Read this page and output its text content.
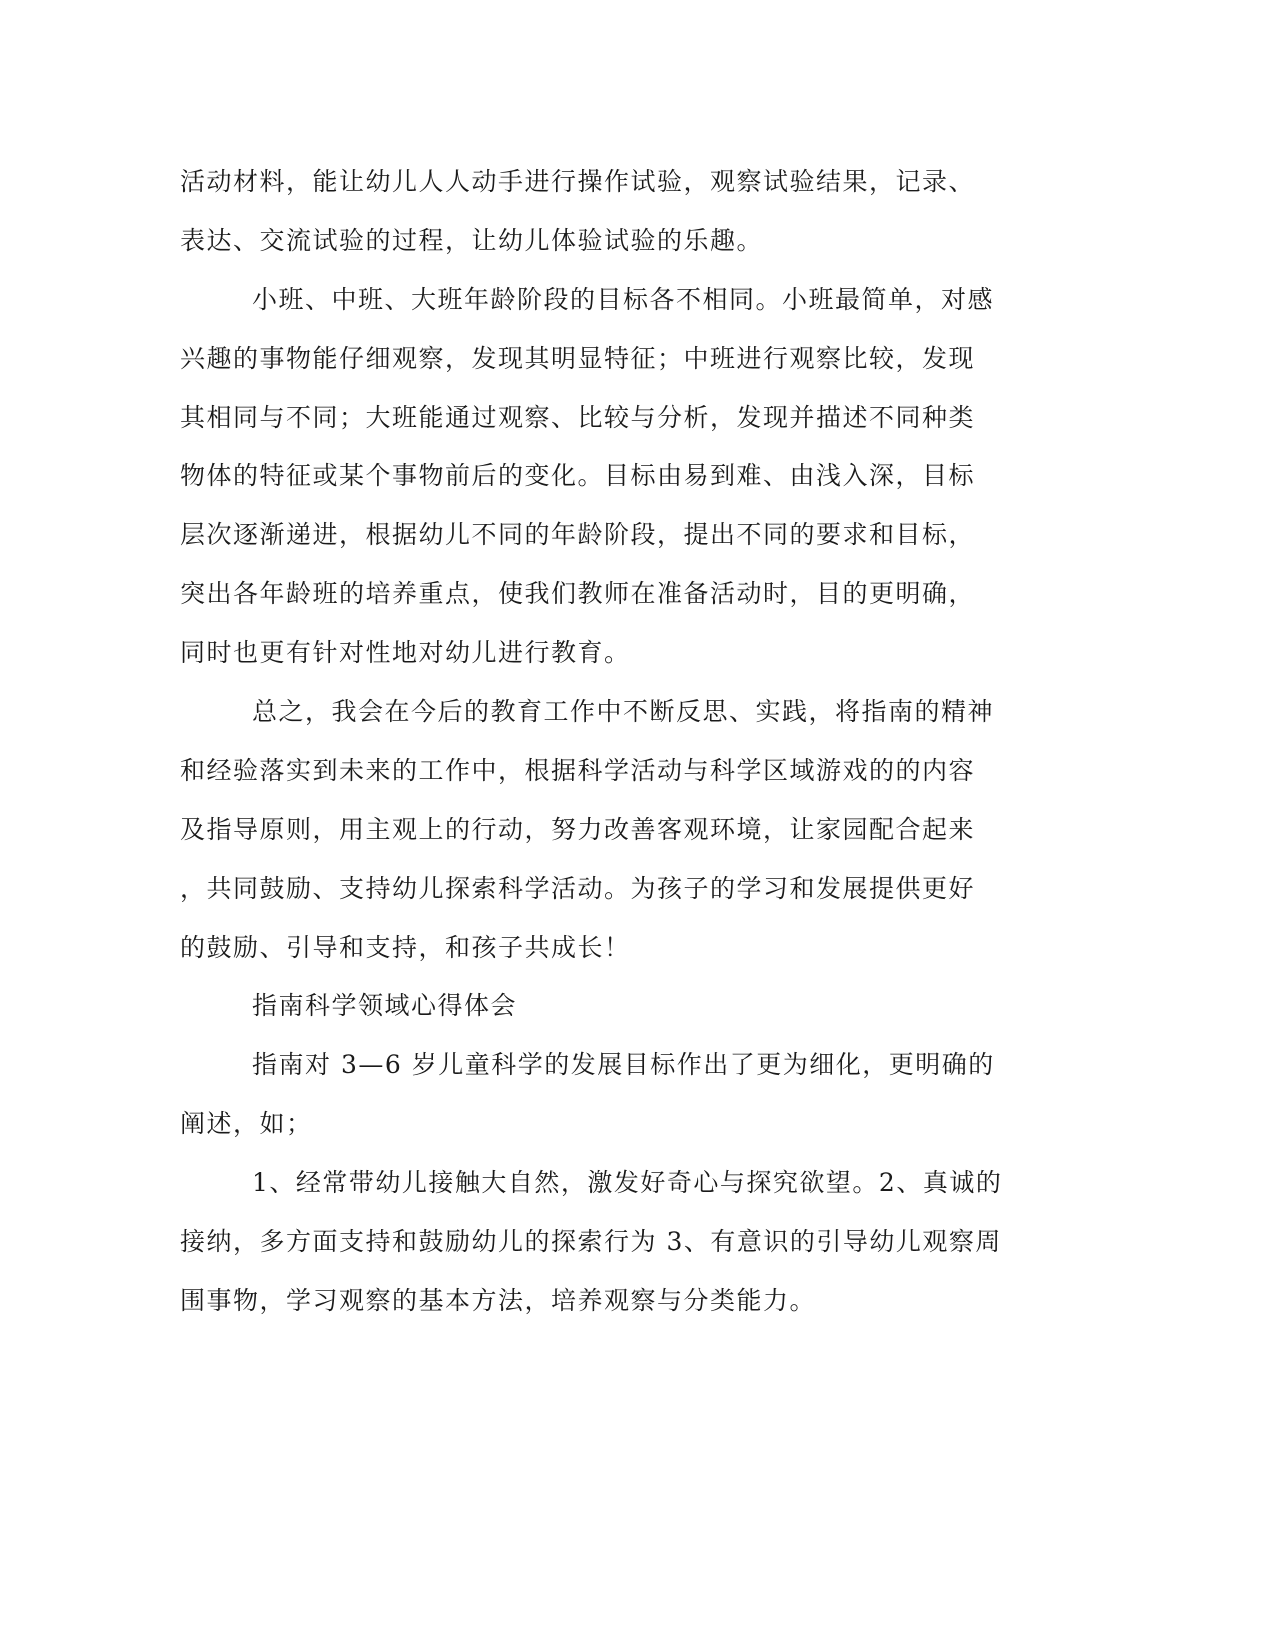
活动材料，能让幼儿人人动手进行操作试验，观察试验结果，记录、
表达、交流试验的过程，让幼儿体验试验的乐趣。
小班、中班、大班年龄阶段的目标各不相同。小班最简单，对感
兴趣的事物能仔细观察，发现其明显特征；中班进行观察比较，发现
其相同与不同；大班能通过观察、比较与分析，发现并描述不同种类
物体的特征或某个事物前后的变化。目标由易到难、由浅入深，目标
层次逐渐递进，根据幼儿不同的年龄阶段，提出不同的要求和目标，
突出各年龄班的培养重点，使我们教师在准备活动时，目的更明确，
同时也更有针对性地对幼儿进行教育。
总之，我会在今后的教育工作中不断反思、实践，将指南的精神
和经验落实到未来的工作中，根据科学活动与科学区域游戏的的内容
及指导原则，用主观上的行动，努力改善客观环境，让家园配合起来
，共同鼓励、支持幼儿探索科学活动。为孩子的学习和发展提供更好
的鼓励、引导和支持，和孩子共成长！
指南科学领域心得体会
指南对 3—6 岁儿童科学的发展目标作出了更为细化，更明确的
阐述，如；
1、经常带幼儿接触大自然，激发好奇心与探究欲望。2、真诚的
接纳，多方面支持和鼓励幼儿的探索行为 3、有意识的引导幼儿观察周
围事物，学习观察的基本方法，培养观察与分类能力。
